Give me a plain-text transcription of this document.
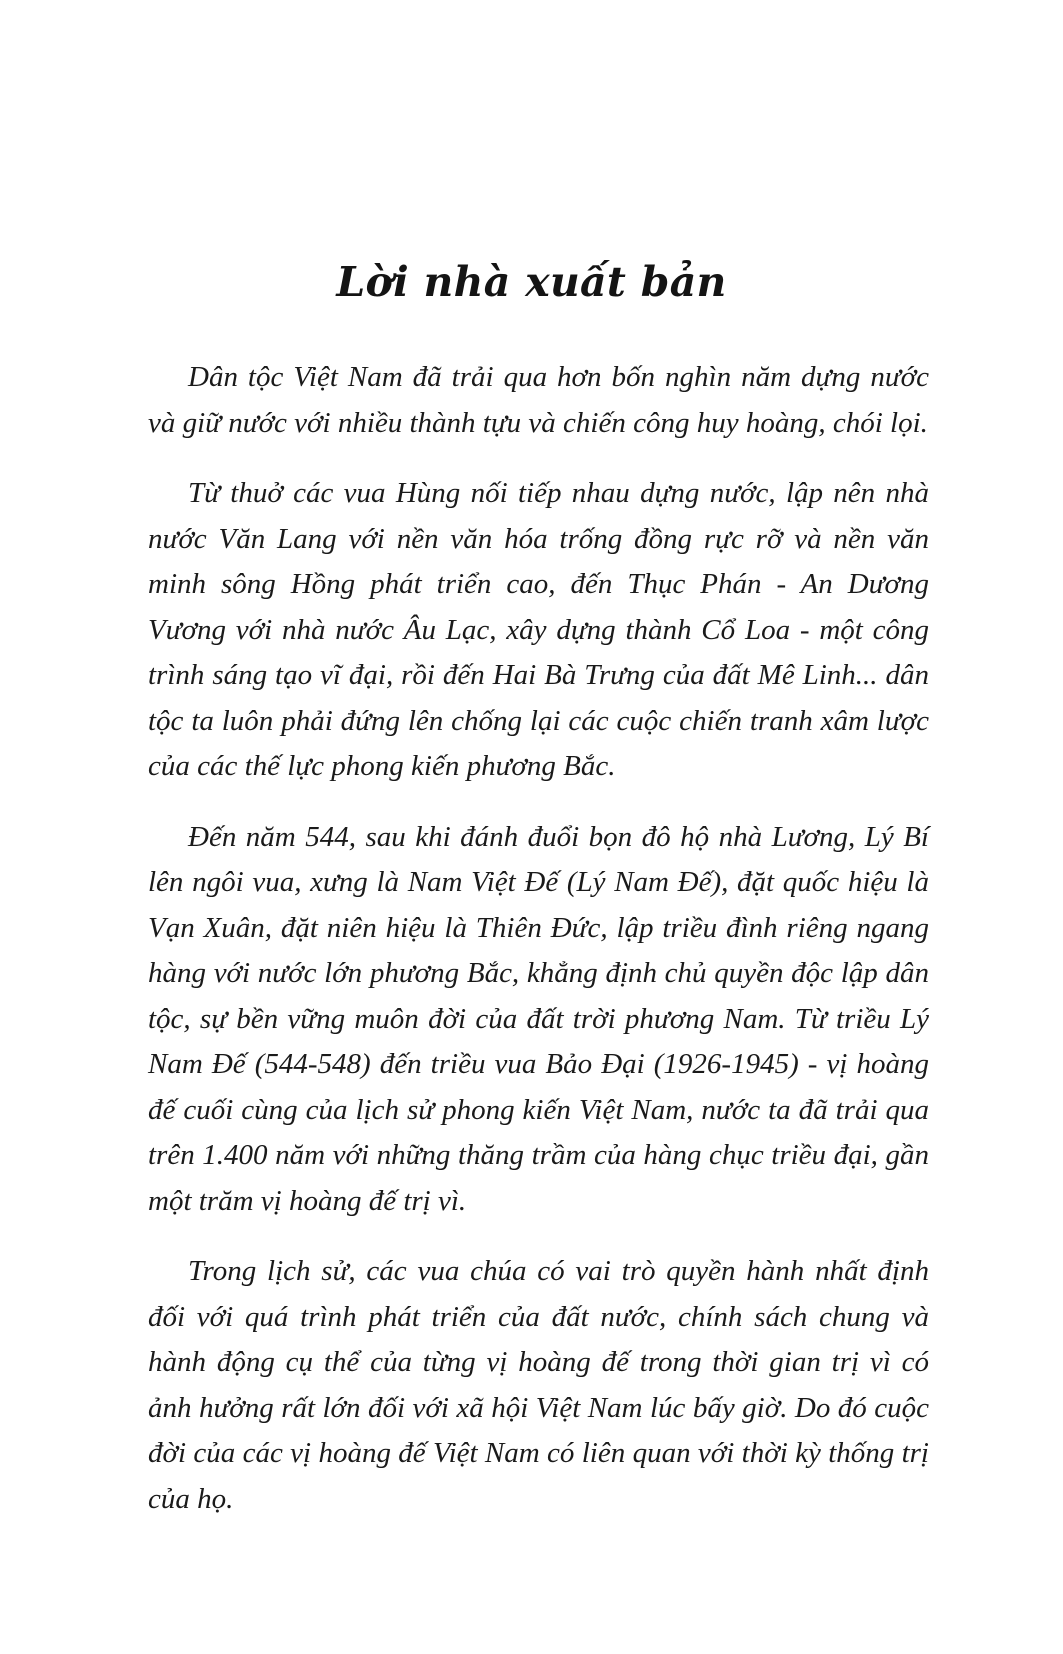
Lời nhà xuất bản

Dân tộc Việt Nam đã trải qua hơn bốn nghìn năm dựng nước và giữ nước với nhiều thành tựu và chiến công huy hoàng, chói lọi.

Từ thuở các vua Hùng nối tiếp nhau dựng nước, lập nên nhà nước Văn Lang với nền văn hóa trống đồng rực rỡ và nền văn minh sông Hồng phát triển cao, đến Thục Phán - An Dương Vương với nhà nước Âu Lạc, xây dựng thành Cổ Loa - một công trình sáng tạo vĩ đại, rồi đến Hai Bà Trưng của đất Mê Linh... dân tộc ta luôn phải đứng lên chống lại các cuộc chiến tranh xâm lược của các thế lực phong kiến phương Bắc.

Đến năm 544, sau khi đánh đuổi bọn đô hộ nhà Lương, Lý Bí lên ngôi vua, xưng là Nam Việt Đế (Lý Nam Đế), đặt quốc hiệu là Vạn Xuân, đặt niên hiệu là Thiên Đức, lập triều đình riêng ngang hàng với nước lớn phương Bắc, khẳng định chủ quyền độc lập dân tộc, sự bền vững muôn đời của đất trời phương Nam. Từ triều Lý Nam Đế (544-548) đến triều vua Bảo Đại (1926-1945) - vị hoàng đế cuối cùng của lịch sử phong kiến Việt Nam, nước ta đã trải qua trên 1.400 năm với những thăng trầm của hàng chục triều đại, gần một trăm vị hoàng đế trị vì.

Trong lịch sử, các vua chúa có vai trò quyền hành nhất định đối với quá trình phát triển của đất nước, chính sách chung và hành động cụ thể của từng vị hoàng đế trong thời gian trị vì có ảnh hưởng rất lớn đối với xã hội Việt Nam lúc bấy giờ. Do đó cuộc đời của các vị hoàng đế Việt Nam có liên quan với thời kỳ thống trị của họ.
